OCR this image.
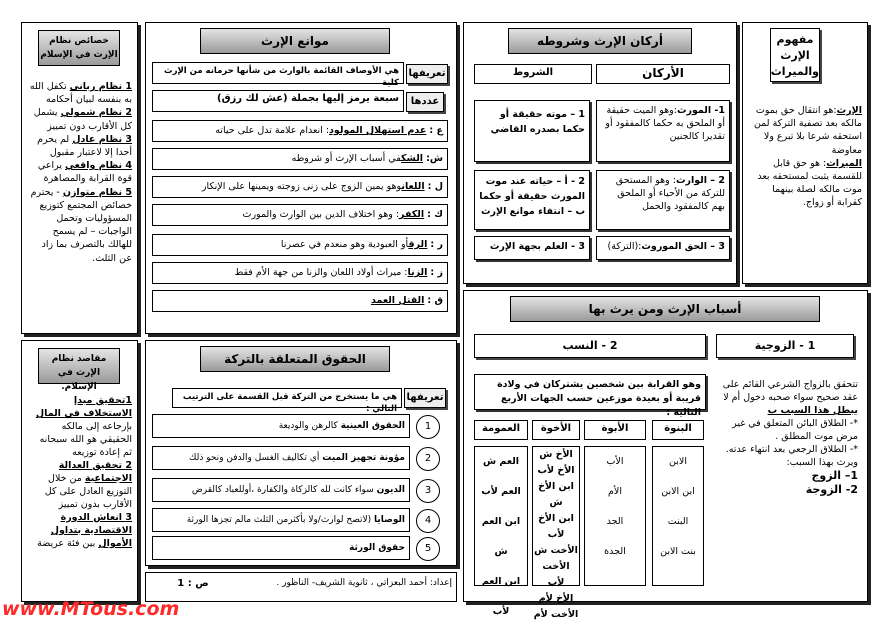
مفهوم الإرث والميراث
الإرث:هو انتقال حق بموت مالكه بعد تصفية التركة لمن استحقه شرعا بلا تبرع ولا معاوضة
الميراث: هو حق قابل للقسمة يثبت لمستحقه بعد موت مالكه لصلة بينهما كقرابة أو زواج.
أركان الإرث وشروطه
الأركان
الشروط
1- المورث:وهو الميت حقيقة أو الملحق به حكما كالمفقود أو تقديرا كالجنين
1 – موته حقيقة أو حكما بصدره القاضي
2 – الوارث: وهو المستحق للتركة من الأحياء أو الملحق بهم كالمفقود والحمل
2 - أ – حياته عند موت المورث حقيقة أو حكما ب – انتفاء موانع الإرث
3 – الحق الموروث:(التركة)
3 - العلم بجهة الإرث
موانع الإرث
تعريفها
هي الأوصاف القائمة بالوارث من شأنها حرمانه من الإرث كلية
عددها
سبعة يرمز إليها بجملة (عش لك رزق)
ع : عدم استهلال المولود: انعدام علامة تدل على حياته
ش: الشكفي أسباب الإرث أو شروطه
ل : اللعانوهو يمين الزوج على زنى زوجته ويمينها على الإنكار
ك : الكفر: وهو اختلاف الدين بين الوارث والمورث
ر : الرقأو العبودية وهو منعدم في عصرنا
ز : الزنا: ميراث أولاد اللعان والزنا من جهة الأم فقط
ق : القتل العمد
خصائص نظام الإرث في الإسلام
1 نظام رباني تكفل الله به بنفسه لبيان أحكامه
2 نظام شمولي يشمل كل الأقارب دون تمييز
3 نظام عادل لم يحرم أحدا إلا لاعتبار مقبول
4 نظام واقعي يراعي قوة القرابة والمصاهرة
5 نظام متوازن - يحترم خصائص المجتمع كتوزيع المسؤوليات وتحمل الواجبات – لم يسمح للهالك بالتصرف بما زاد عن الثلث.

أسباب الإرث ومن يرث بها
1 - الزوجية
2 - النسب
تتحقق بالزواج الشرعي القائم على عقد صحيح سواء صحبه دخول أم لا
يبطل هذا السبب ب
*- الطلاق البائن المتعلق في غير مرض موت المطلق .
*- الطلاق الرجعي بعد انتهاء عدته.
ويرث بهذا السبب:
1– الزوج
2- الزوجة
وهو القرابة بين شخصين يشتركان في ولادة قريبة أو بعيدة موزعين حسب الجهات الأربع التالية :
البنوة
الابن
ابن الابن
البنت
بنت الابن
الأبوة
الأب
الأم
الجد
الجدة
الأخوة
الأخ ش
الأخ لأب
ابن الأخ ش
ابن الأخ لأب
الأخت ش
الأخت لأب
الأخ لأم
الأخت لأم
العمومة
العم ش
العم لأب
ابن العم ش
ابن العم لأب
الحقوق المتعلقة بالتركة
تعريفها
هي ما يستخرج من التركة قبل القسمة على الترتيب التالي :
1
الحقوق العينية كالرهن والوديعة
2
مؤونة تجهيز الميت أي تكاليف الغسل والدفن ونحو ذلك
3
الديون سواء كانت لله كالزكاة والكفارة ،أوللعباد كالقرض
4
الوصايا (لاتصح لوارث/ولا بأكثرمن الثلث مالم تجزها الورثة
5
حقوق الورثة
مقاصد نظام الإرث في الإسلام.
1تحقيق مبدإ الاستخلاف في المال بإرجاعه إلى مالكه الحقيقي هو الله سبحانه ثم إعادة توزيعه
2 تحقيق العدالة الاجتماعية من خلال التوزيع العادل على كل الأقارب بدون تمييز
3 انعاش الدورة الاقتصادية بتداول الأموال بين فئة عريضة

إعداد: أحمد البعزاتي ، ثانوية الشريف- الناظور .
ص : 1
www.MTous.com
